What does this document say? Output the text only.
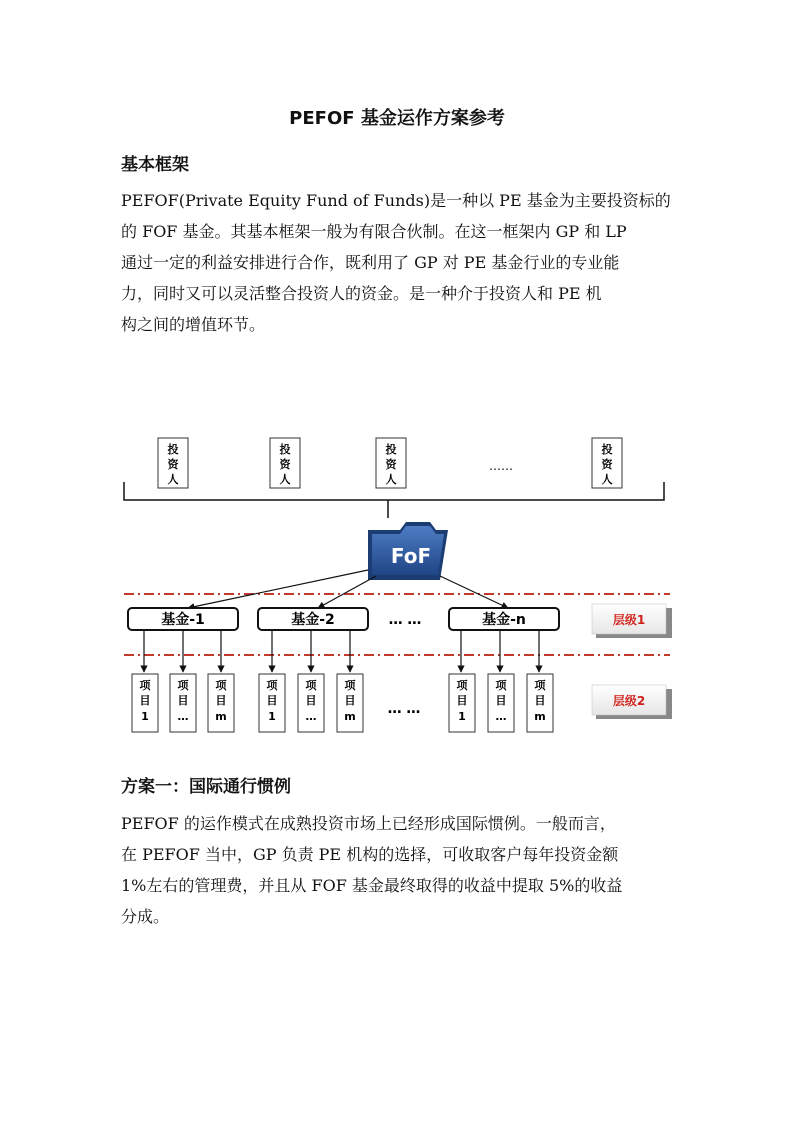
PEFOF 基金运作方案参考
基本框架
PEFOF(Private Equity Fund of Funds)是一种以 PE 基金为主要投资标的
的 FOF 基金。其基本框架一般为有限合伙制。在这一框架内 GP 和 LP
通过一定的利益安排进行合作，既利用了 GP 对 PE 基金行业的专业能
力，同时又可以灵活整合投资人的资金。是一种介于投资人和 PE 机
构之间的增值环节。
投
资
人
投
资
人
投
资
人
……
投
资
人
FoF
基金-1	基金-2	… …	基金-n	层级1
项
目
1
项
目
…
项
目
m
项
目
1
项
目
…
项
目
m … …
项
目
1
项
目
…
项
目
m
层级2
方案一：国际通行惯例
PEFOF 的运作模式在成熟投资市场上已经形成国际惯例。一般而言，
在 PEFOF 当中，GP 负责 PE 机构的选择，可收取客户每年投资金额
1%左右的管理费，并且从 FOF 基金最终取得的收益中提取 5%的收益
分成。
